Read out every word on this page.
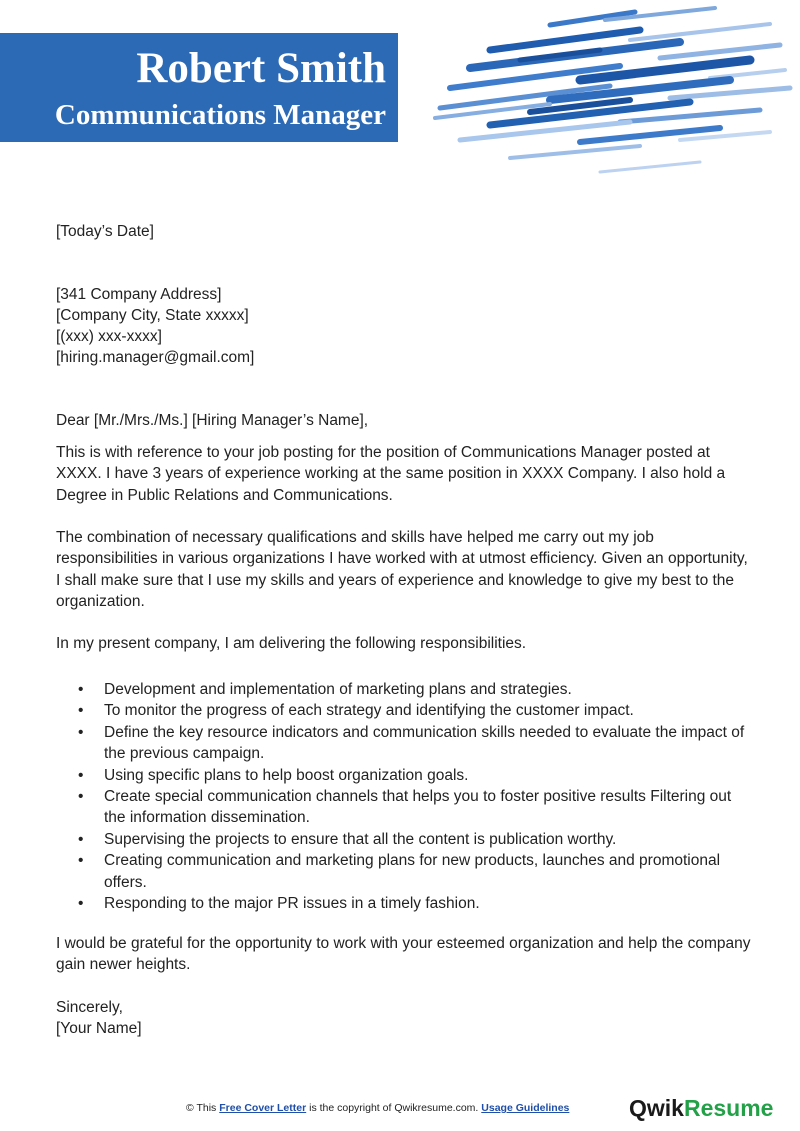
Robert Smith
Communications Manager
[Today’s Date]
[341 Company Address]
[Company City, State xxxxx]
[(xxx) xxx-xxxx]
[hiring.manager@gmail.com]
Dear [Mr./Mrs./Ms.] [Hiring Manager’s Name],
This is with reference to your job posting for the position of Communications Manager posted at XXXX. I have 3 years of experience working at the same position in XXXX Company. I also hold a Degree in Public Relations and Communications.
The combination of necessary qualifications and skills have helped me carry out my job responsibilities in various organizations I have worked with at utmost efficiency. Given an opportunity, I shall make sure that I use my skills and years of experience and knowledge to give my best to the organization.
In my present company, I am delivering the following responsibilities.
• Development and implementation of marketing plans and strategies.
• To monitor the progress of each strategy and identifying the customer impact.
• Define the key resource indicators and communication skills needed to evaluate the impact of the previous campaign.
• Using specific plans to help boost organization goals.
• Create special communication channels that helps you to foster positive results Filtering out the information dissemination.
• Supervising the projects to ensure that all the content is publication worthy.
• Creating communication and marketing plans for new products, launches and promotional offers.
• Responding to the major PR issues in a timely fashion.
I would be grateful for the opportunity to work with your esteemed organization and help the company gain newer heights.
Sincerely,
[Your Name]
© This Free Cover Letter is the copyright of Qwikresume.com. Usage Guidelines	QwikResume
